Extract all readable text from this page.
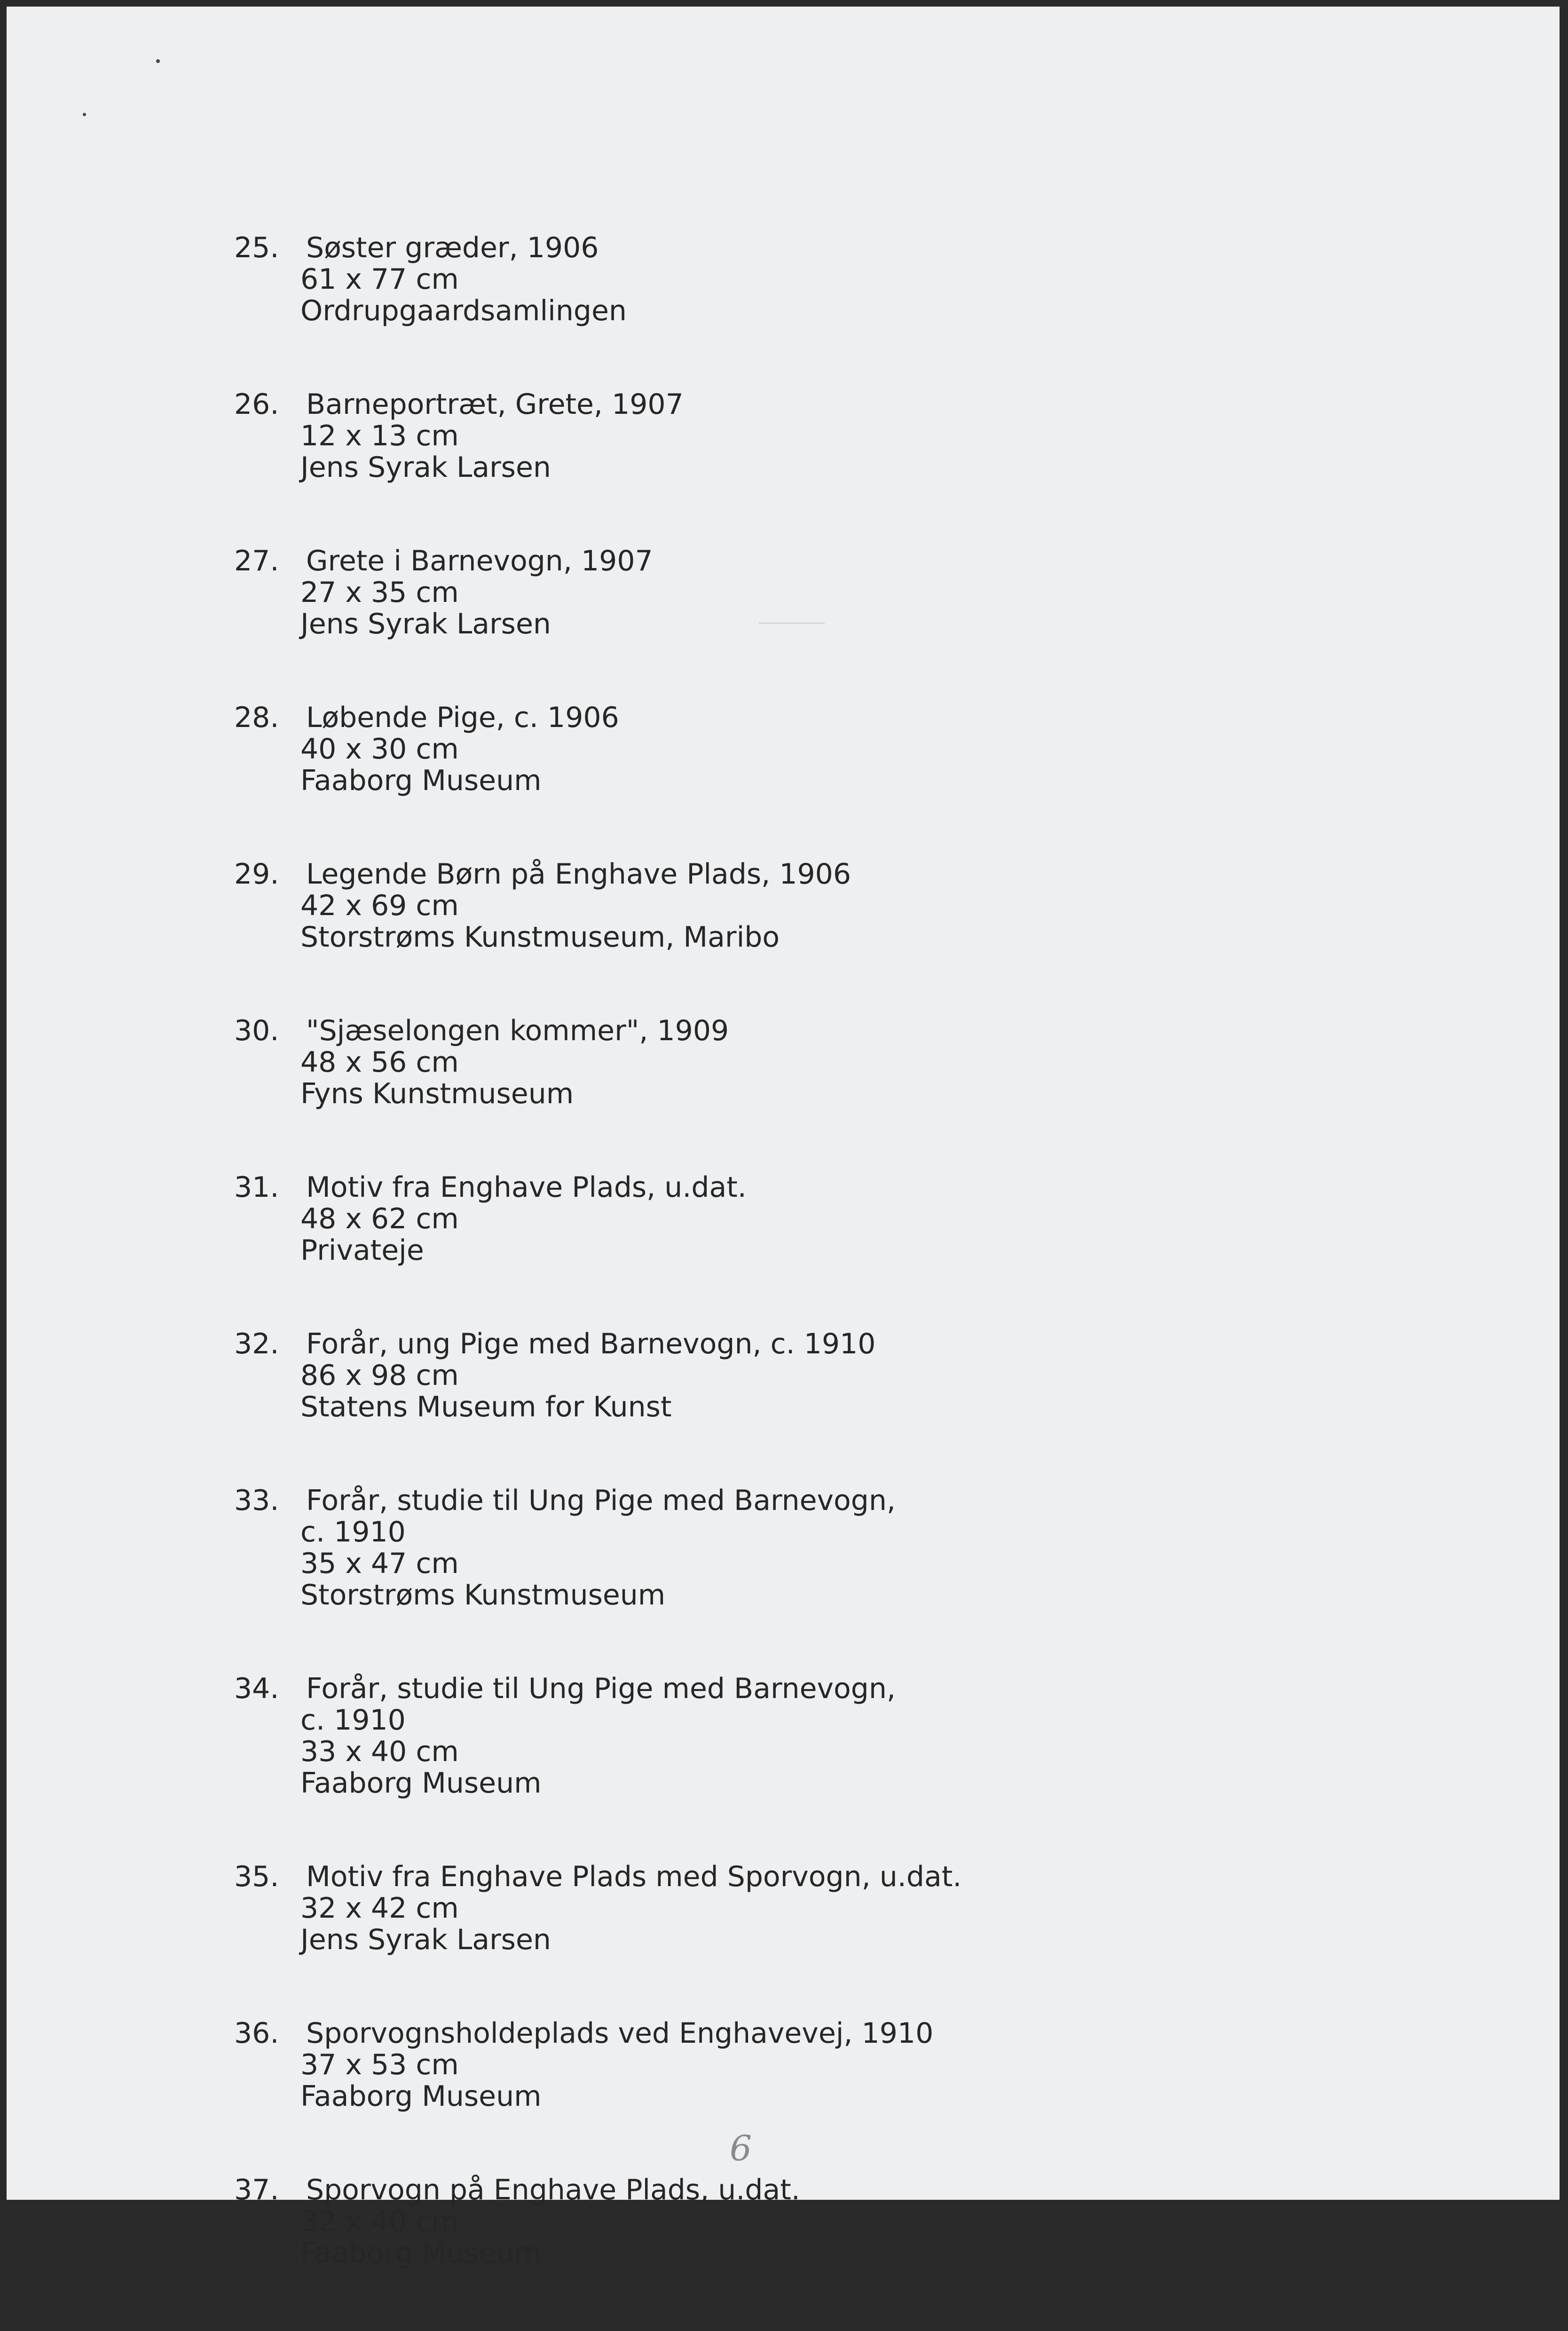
25. Søster græder, 1906
61 x 77 cm
Ordrupgaardsamlingen
26. Barneportræt, Grete, 1907
12 x 13 cm
Jens Syrak Larsen
27. Grete i Barnevogn, 1907
27 x 35 cm
Jens Syrak Larsen
28. Løbende Pige, c. 1906
40 x 30 cm
Faaborg Museum
29. Legende Børn på Enghave Plads, 1906
42 x 69 cm
Storstrøms Kunstmuseum, Maribo
30. "Sjæselongen kommer", 1909
48 x 56 cm
Fyns Kunstmuseum
31. Motiv fra Enghave Plads, u.dat.
48 x 62 cm
Privateje
32. Forår, ung Pige med Barnevogn, c. 1910
86 x 98 cm
Statens Museum for Kunst
33. Forår, studie til Ung Pige med Barnevogn,
c. 1910
35 x 47 cm
Storstrøms Kunstmuseum
34. Forår, studie til Ung Pige med Barnevogn,
c. 1910
33 x 40 cm
Faaborg Museum
35. Motiv fra Enghave Plads med Sporvogn, u.dat.
32 x 42 cm
Jens Syrak Larsen
36. Sporvognsholdeplads ved Enghavevej, 1910
37 x 53 cm
Faaborg Museum
37. Sporvogn på Enghave Plads, u.dat.
32 x 40 cm
Faaborg Museum
6
